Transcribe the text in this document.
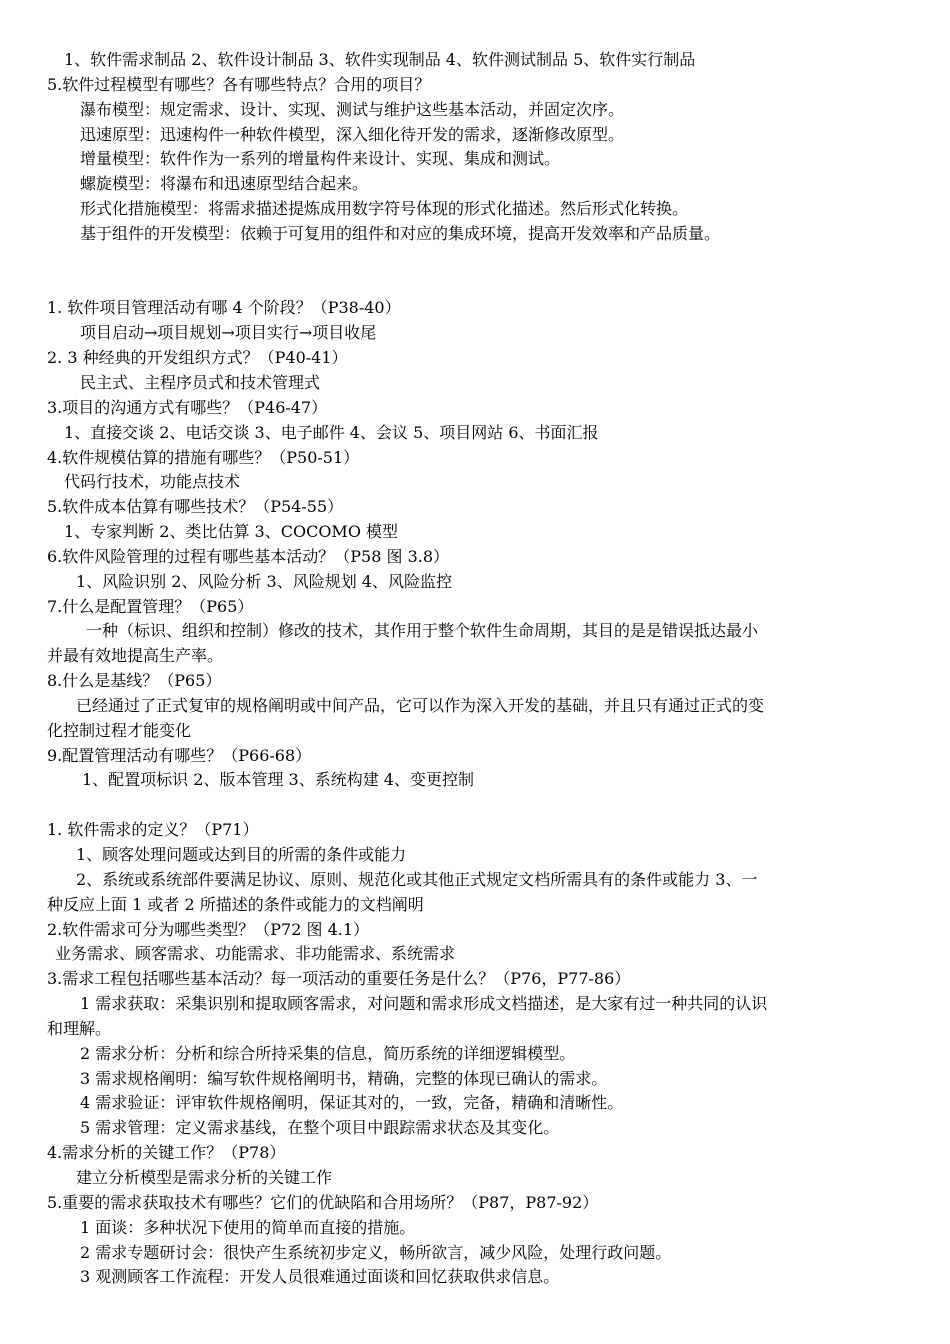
1、软件需求制品 2、软件设计制品 3、软件实现制品 4、软件测试制品 5、软件实行制品
5.软件过程模型有哪些？各有哪些特点？合用的项目？
瀑布模型：规定需求、设计、实现、测试与维护这些基本活动，并固定次序。
迅速原型：迅速构件一种软件模型，深入细化待开发的需求，逐渐修改原型。
增量模型：软件作为一系列的增量构件来设计、实现、集成和测试。
螺旋模型：将瀑布和迅速原型结合起来。
形式化措施模型：将需求描述提炼成用数字符号体现的形式化描述。然后形式化转换。
基于组件的开发模型：依赖于可复用的组件和对应的集成环境，提高开发效率和产品质量。
1. 软件项目管理活动有哪 4 个阶段？（P38-40）
项目启动→项目规划→项目实行→项目收尾
2. 3 种经典的开发组织方式？（P40-41）
民主式、主程序员式和技术管理式
3.项目的沟通方式有哪些？（P46-47）
1、直接交谈 2、电话交谈 3、电子邮件 4、会议 5、项目网站 6、书面汇报
4.软件规模估算的措施有哪些？（P50-51）
代码行技术，功能点技术
5.软件成本估算有哪些技术？（P54-55）
1、专家判断 2、类比估算 3、COCOMO 模型
6.软件风险管理的过程有哪些基本活动？（P58 图 3.8）
1、风险识别 2、风险分析 3、风险规划 4、风险监控
7.什么是配置管理？（P65）
一种（标识、组织和控制）修改的技术，其作用于整个软件生命周期，其目的是是错误抵达最小
并最有效地提高生产率。
8.什么是基线？（P65）
已经通过了正式复审的规格阐明或中间产品，它可以作为深入开发的基础，并且只有通过正式的变
化控制过程才能变化
9.配置管理活动有哪些？（P66-68）
1、配置项标识 2、版本管理 3、系统构建 4、变更控制
1. 软件需求的定义？（P71）
1、顾客处理问题或达到目的所需的条件或能力
2、系统或系统部件要满足协议、原则、规范化或其他正式规定文档所需具有的条件或能力 3、一
种反应上面 1 或者 2 所描述的条件或能力的文档阐明
2.软件需求可分为哪些类型？（P72 图 4.1）
业务需求、顾客需求、功能需求、非功能需求、系统需求
3.需求工程包括哪些基本活动？每一项活动的重要任务是什么？（P76，P77-86）
1 需求获取：采集识别和提取顾客需求，对问题和需求形成文档描述，是大家有过一种共同的认识
和理解。
2 需求分析：分析和综合所持采集的信息，简历系统的详细逻辑模型。
3 需求规格阐明：编写软件规格阐明书，精确，完整的体现已确认的需求。
4 需求验证：评审软件规格阐明，保证其对的，一致，完备，精确和清晰性。
5 需求管理：定义需求基线，在整个项目中跟踪需求状态及其变化。
4.需求分析的关键工作？（P78）
建立分析模型是需求分析的关键工作
5.重要的需求获取技术有哪些？它们的优缺陷和合用场所？（P87，P87-92）
1 面谈：多种状况下使用的简单而直接的措施。
2 需求专题研讨会：很快产生系统初步定义，畅所欲言，减少风险，处理行政问题。
3 观测顾客工作流程：开发人员很难通过面谈和回忆获取供求信息。
